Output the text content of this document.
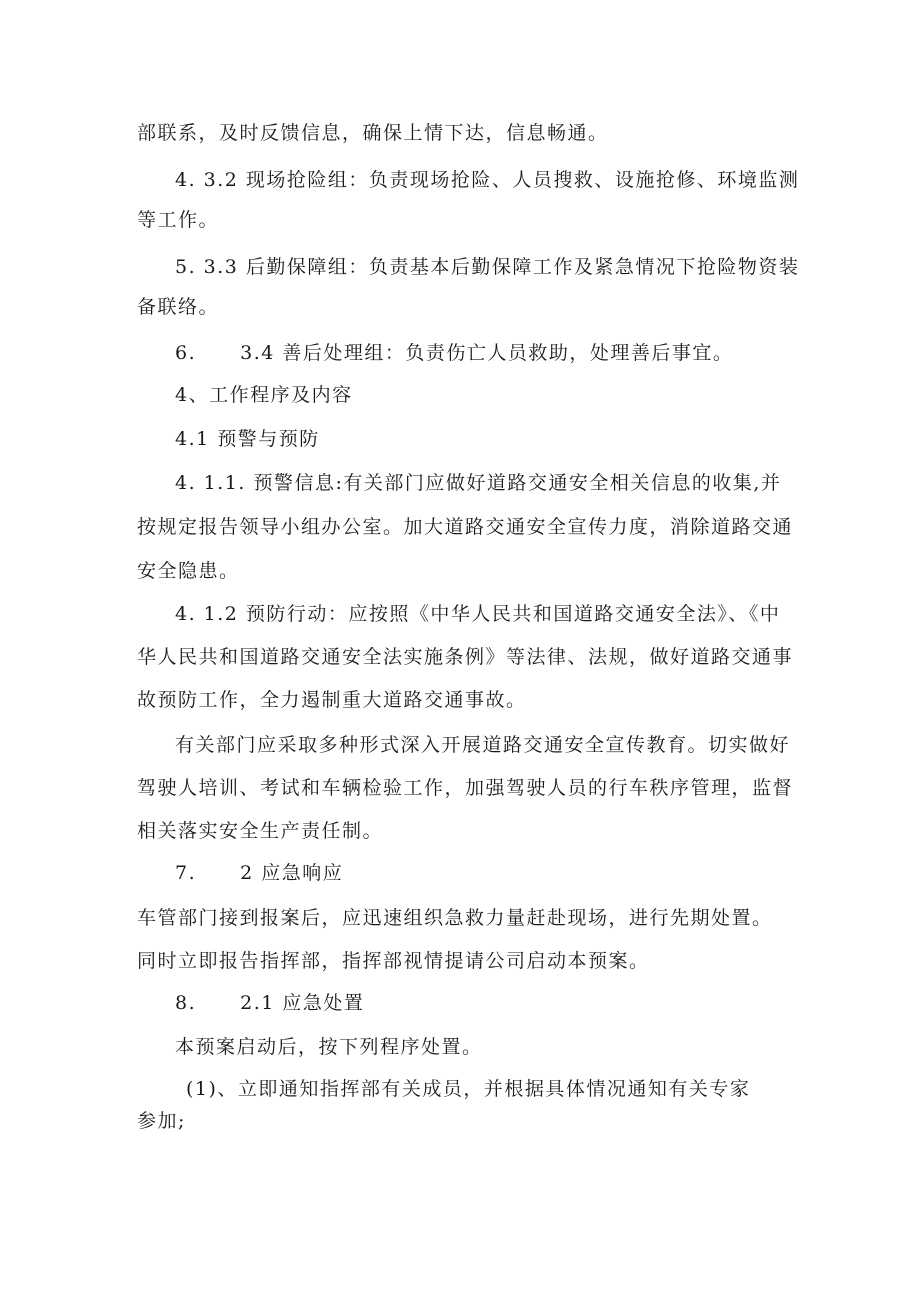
部联系，及时反馈信息，确保上情下达，信息畅通。
4. 3.2 现场抢险组：负责现场抢险、人员搜救、设施抢修、环境监测
等工作。
5. 3.3 后勤保障组：负责基本后勤保障工作及紧急情况下抢险物资装
备联络。
6. 3.4 善后处理组：负责伤亡人员救助，处理善后事宜。
4、工作程序及内容
4.1 预警与预防
4. 1.1. 预警信息:有关部门应做好道路交通安全相关信息的收集,并
按规定报告领导小组办公室。加大道路交通安全宣传力度，消除道路交通
安全隐患。
4. 1.2 预防行动：应按照《中华人民共和国道路交通安全法》、《中
华人民共和国道路交通安全法实施条例》等法律、法规，做好道路交通事
故预防工作，全力遏制重大道路交通事故。
有关部门应采取多种形式深入开展道路交通安全宣传教育。切实做好
驾驶人培训、考试和车辆检验工作，加强驾驶人员的行车秩序管理，监督
相关落实安全生产责任制。
7. 2 应急响应
车管部门接到报案后，应迅速组织急救力量赶赴现场，进行先期处置。
同时立即报告指挥部，指挥部视情提请公司启动本预案。
8. 2.1 应急处置
本预案启动后，按下列程序处置。
(1)、立即通知指挥部有关成员，并根据具体情况通知有关专家
参加;
